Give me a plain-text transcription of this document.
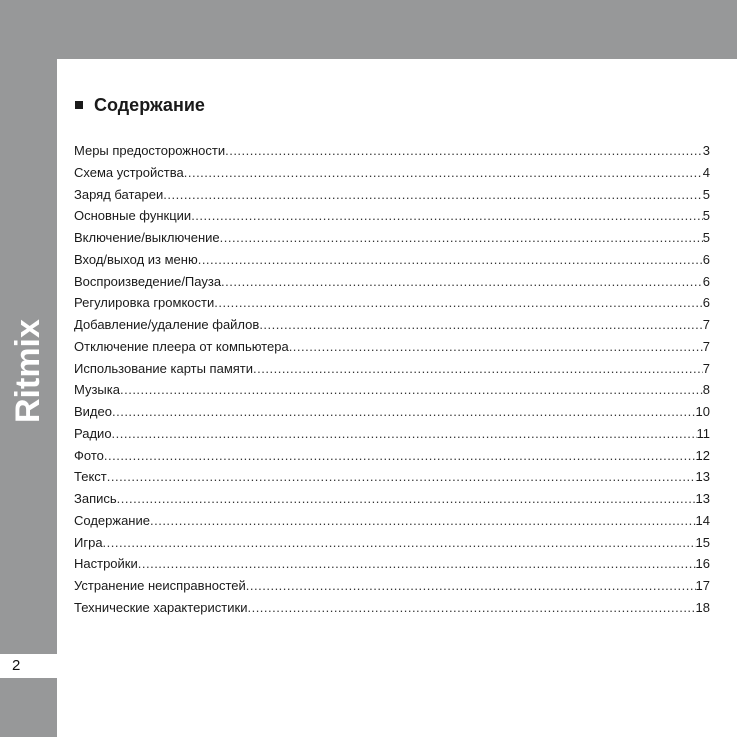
Ritmix
2
Содержание
Меры предосторожности .....	3
Схема устройства .....	4
Заряд батареи .....	5
Основные функции .....	5
Включение/выключение .....	5
Вход/выход из меню .....	6
Воспроизведение/Пауза .....	6
Регулировка громкости .....	6
Добавление/удаление файлов .....	7
Отключение плеера от компьютера .....	7
Использование карты памяти .....	7
Музыка .....	8
Видео .....	10
Радио .....	11
Фото .....	12
Текст .....	13
Запись .....	13
Содержание .....	14
Игра .....	15
Настройки .....	16
Устранение неисправностей .....	17
Технические характеристики .....	18
